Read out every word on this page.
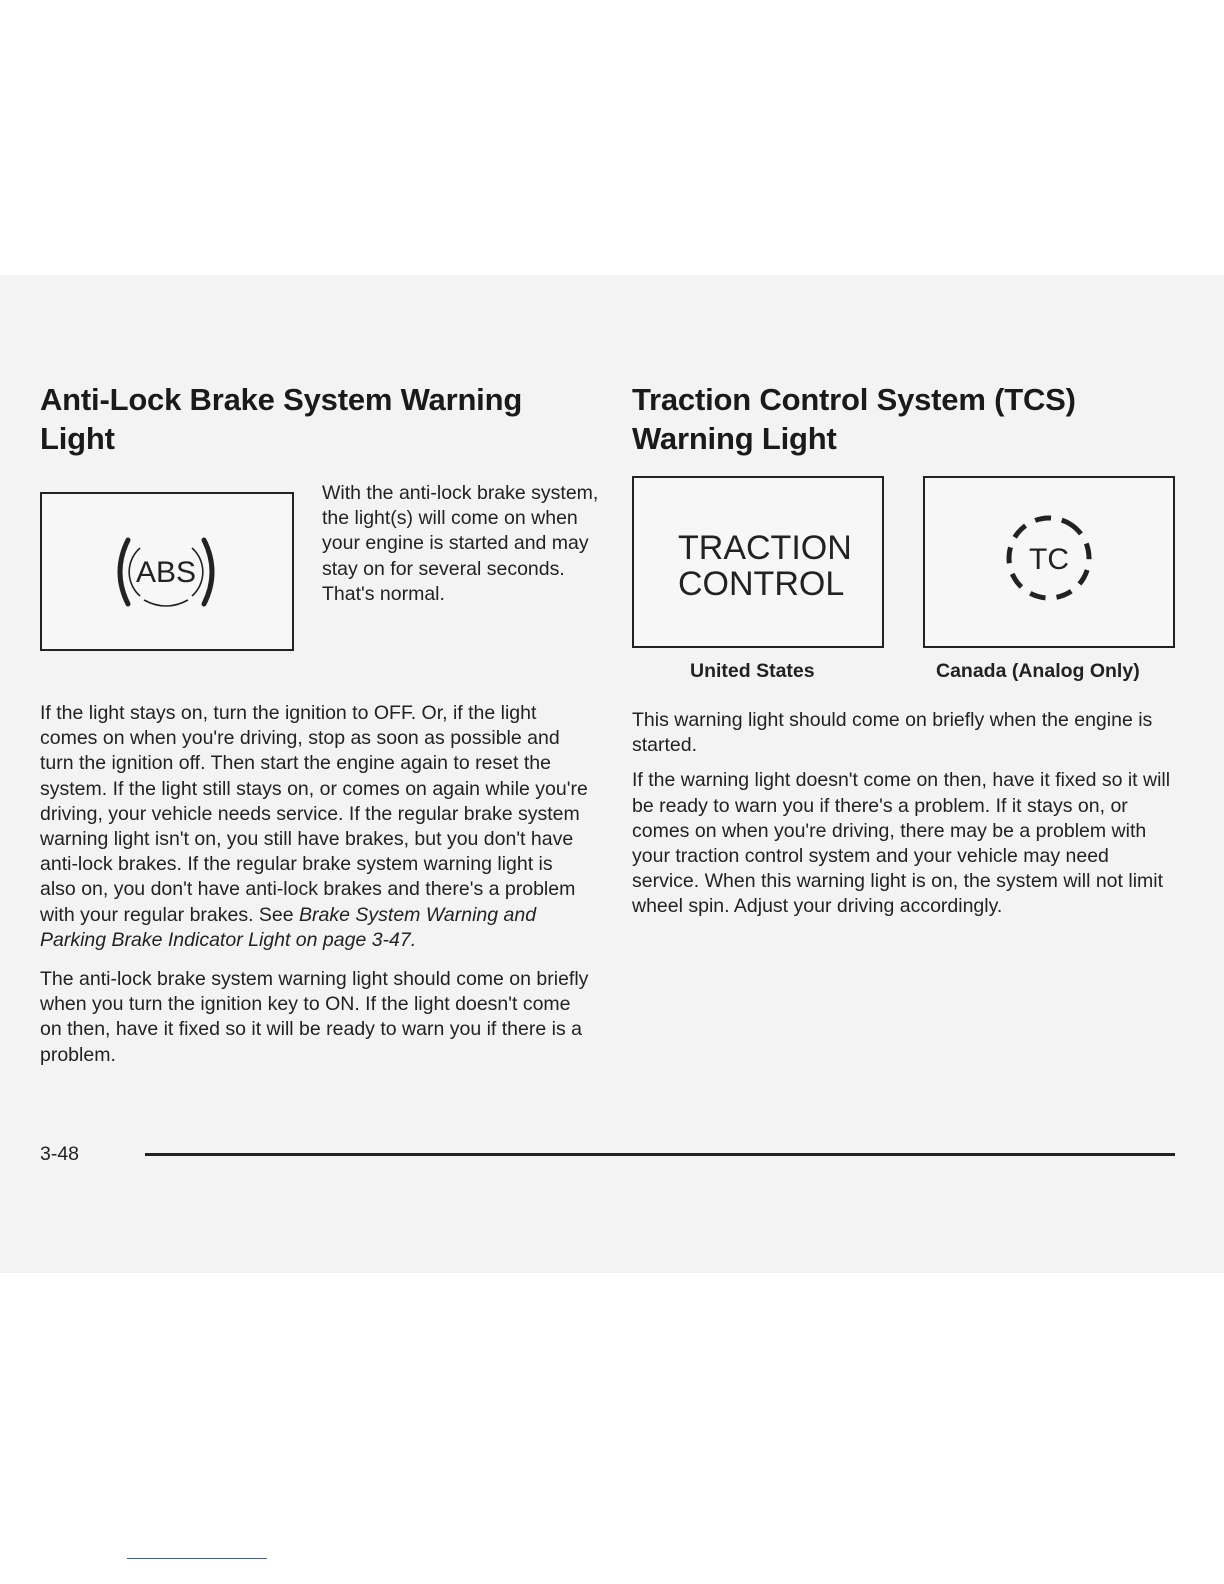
Anti-Lock Brake System Warning Light
ABS

With the anti-lock brake system, the light(s) will come on when your engine is started and may stay on for several seconds. That's normal.

If the light stays on, turn the ignition to OFF. Or, if the light comes on when you're driving, stop as soon as possible and turn the ignition off. Then start the engine again to reset the system. If the light still stays on, or comes on again while you're driving, your vehicle needs service. If the regular brake system warning light isn't on, you still have brakes, but you don't have anti-lock brakes. If the regular brake system warning light is also on, you don't have anti-lock brakes and there's a problem with your regular brakes. See Brake System Warning and Parking Brake Indicator Light on page 3-47.

The anti-lock brake system warning light should come on briefly when you turn the ignition key to ON. If the light doesn't come on then, have it fixed so it will be ready to warn you if there is a problem.

Traction Control System (TCS) Warning Light
TRACTION
CONTROL
TC
United States	Canada (Analog Only)

This warning light should come on briefly when the engine is started.

If the warning light doesn't come on then, have it fixed so it will be ready to warn you if there's a problem. If it stays on, or comes on when you're driving, there may be a problem with your traction control system and your vehicle may need service. When this warning light is on, the system will not limit wheel spin. Adjust your driving accordingly.

3-48
